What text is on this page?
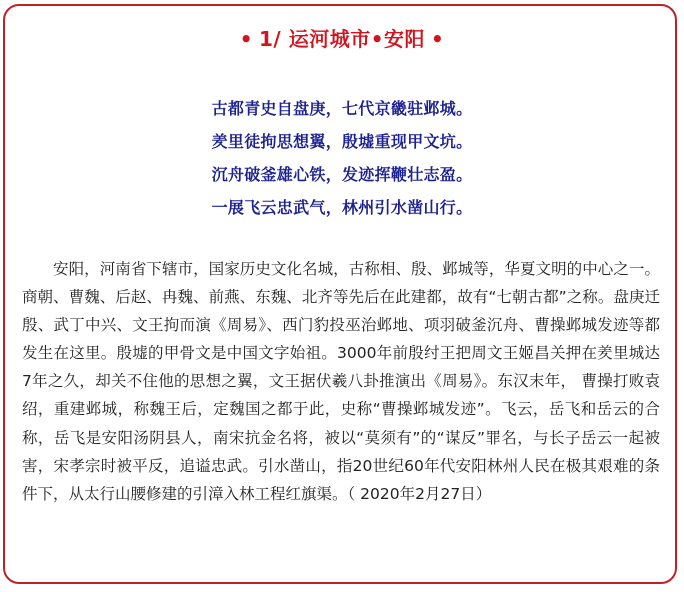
• 1/ 运河城市•安阳 •
古都青史自盘庚，七代京畿驻邺城。
羑里徒拘思想翼，殷墟重现甲文坑。
沉舟破釜雄心铁，发迹挥鞭壮志盈。
一展飞云忠武气，林州引水凿山行。

安阳，河南省下辖市，国家历史文化名城，古称相、殷、邺城等，华夏文明的中心之一。商朝、曹魏、后赵、冉魏、前燕、东魏、北齐等先后在此建都，故有“七朝古都”之称。盘庚迁殷、武丁中兴、文王拘而演《周易》、西门豹投巫治邺地、项羽破釜沉舟、曹操邺城发迹等都发生在这里。殷墟的甲骨文是中国文字始祖。3000年前殷纣王把周文王姬昌关押在羑里城达7年之久，却关不住他的思想之翼，文王据伏羲八卦推演出《周易》。东汉末年， 曹操打败袁绍，重建邺城，称魏王后，定魏国之都于此，史称“曹操邺城发迹”。飞云，岳飞和岳云的合称，岳飞是安阳汤阴县人，南宋抗金名将，被以“莫须有”的“谋反”罪名，与长子岳云一起被害，宋孝宗时被平反，追谥忠武。引水凿山，指20世纪60年代安阳林州人民在极其艰难的条件下，从太行山腰修建的引漳入林工程红旗渠。（ 2020年2月27日）
